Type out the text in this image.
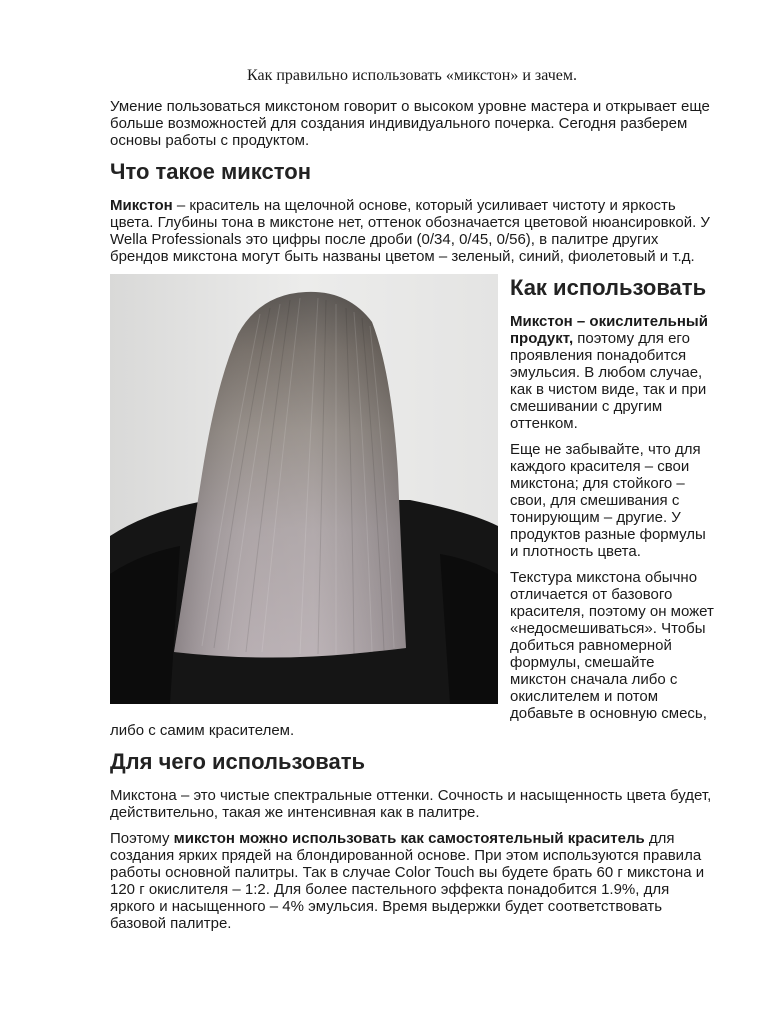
Как правильно использовать «микстон» и зачем.

Умение пользоваться микстоном говорит о высоком уровне мастера и открывает еще больше возможностей для создания индивидуального почерка. Сегодня разберем основы работы с продуктом.

Что такое микстон

Микстон – краситель на щелочной основе, который усиливает чистоту и яркость цвета. Глубины тона в микстоне нет, оттенок обозначается цветовой нюансировкой. У Wella Professionals это цифры после дроби (0/34, 0/45, 0/56), в палитре других брендов микстона могут быть названы цветом – зеленый, синий, фиолетовый и т.д.

Как использовать

Микстон – окислительный продукт, поэтому для его проявления понадобится эмульсия. В любом случае, как в чистом виде, так и при смешивании с другим оттенком.

Еще не забывайте, что для каждого красителя – свои микстона; для стойкого – свои, для смешивания с тонирующим – другие. У продуктов разные формулы и плотность цвета.

Текстура микстона обычно отличается от базового красителя, поэтому он может «недосмешиваться». Чтобы добиться равномерной формулы, смешайте микстон сначала либо с окислителем и потом добавьте в основную смесь, либо с самим красителем.

Для чего использовать

Микстона – это чистые спектральные оттенки. Сочность и насыщенность цвета будет, действительно, такая же интенсивная как в палитре.

Поэтому микстон можно использовать как самостоятельный краситель для создания ярких прядей на блондированной основе. При этом используются правила работы основной палитры. Так в случае Color Touch вы будете брать 60 г микстона и 120 г окислителя – 1:2. Для более пастельного эффекта понадобится 1.9%, для яркого и насыщенного – 4% эмульсия. Время выдержки будет соответствовать базовой палитре.
